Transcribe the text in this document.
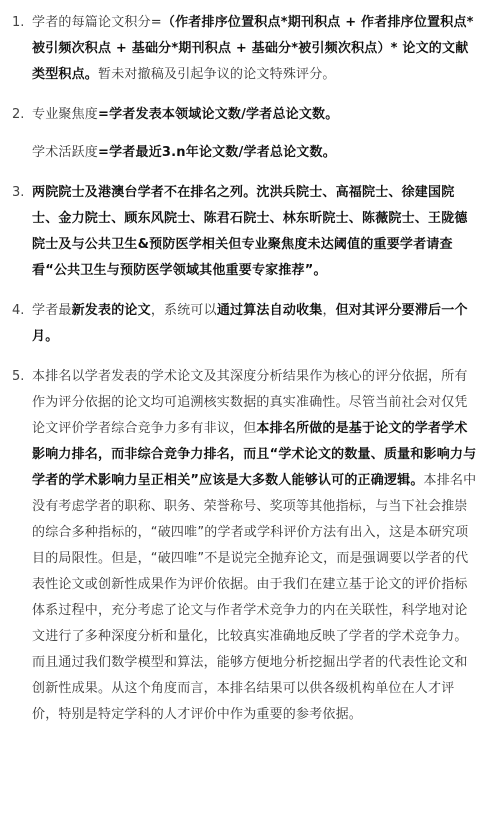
1. 学者的每篇论文积分=（作者排序位置积点*期刊积点 + 作者排序位置积点*被引频次积点 + 基础分*期刊积点 + 基础分*被引频次积点）* 论文的文献类型积点。暂未对撤稿及引起争议的论文特殊评分。
2. 专业聚焦度=学者发表本领域论文数/学者总论文数。
学术活跃度=学者最近3.n年论文数/学者总论文数。
3. 两院院士及港澳台学者不在排名之列。沈洪兵院士、高福院士、徐建国院士、金力院士、顾东风院士、陈君石院士、林东昕院士、陈薇院士、王陇德院士及与公共卫生&预防医学相关但专业聚焦度未达阈值的重要学者请查看“公共卫生与预防医学领域其他重要专家推荐”。
4. 学者最新发表的论文，系统可以通过算法自动收集，但对其评分要滞后一个月。
5. 本排名以学者发表的学术论文及其深度分析结果作为核心的评分依据，所有作为评分依据的论文均可追溯核实数据的真实准确性。尽管当前社会对仅凭论文评价学者综合竞争力多有非议，但本排名所做的是基于论文的学者学术影响力排名，而非综合竞争力排名，而且“学术论文的数量、质量和影响力与学者的学术影响力呈正相关”应该是大多数人能够认可的正确逻辑。本排名中没有考虑学者的职称、职务、荣誉称号、奖项等其他指标，与当下社会推崇的综合多种指标的，“破四唯”的学者或学科评价方法有出入，这是本研究项目的局限性。但是，“破四唯”不是说完全抛弃论文，而是强调要以学者的代表性论文或创新性成果作为评价依据。由于我们在建立基于论文的评价指标体系过程中，充分考虑了论文与作者学术竞争力的内在关联性，科学地对论文进行了多种深度分析和量化，比较真实准确地反映了学者的学术竞争力。而且通过我们数学模型和算法，能够方便地分析挖掘出学者的代表性论文和创新性成果。从这个角度而言，本排名结果可以供各级机构单位在人才评价，特别是特定学科的人才评价中作为重要的参考依据。
